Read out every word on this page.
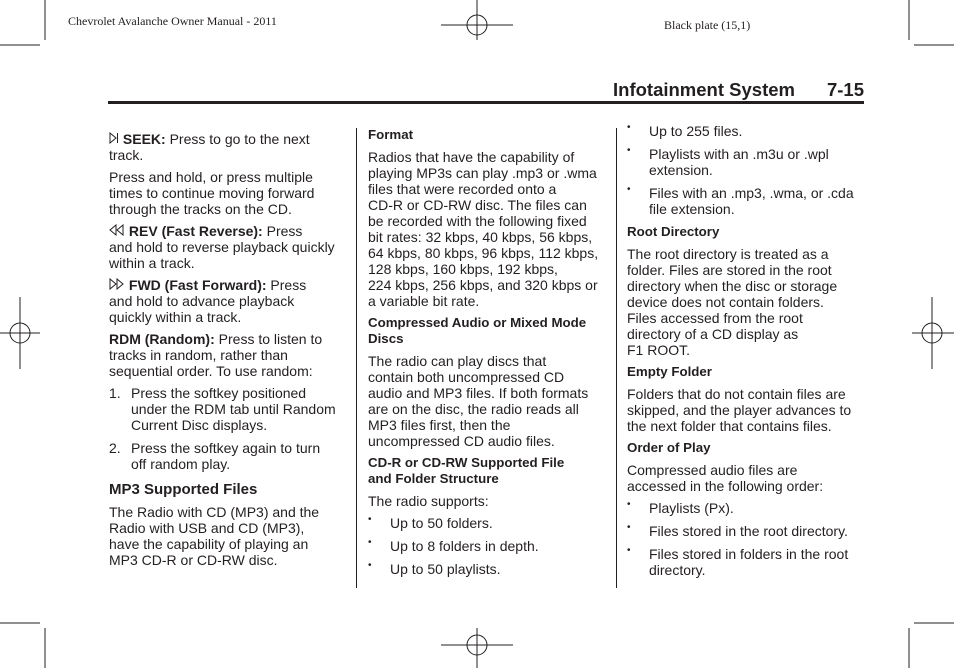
Chevrolet Avalanche Owner Manual - 2011	Black plate (15,1)
Infotainment System 7-15

SEEK: Press to go to the next
track.

Press and hold, or press multiple
times to continue moving forward
through the tracks on the CD.

REV (Fast Reverse): Press
and hold to reverse playback quickly
within a track.

FWD (Fast Forward): Press
and hold to advance playback
quickly within a track.

RDM (Random): Press to listen to
tracks in random, rather than
sequential order. To use random:

1. Press the softkey positioned
under the RDM tab until Random
Current Disc displays.
2. Press the softkey again to turn
off random play.

MP3 Supported Files

The Radio with CD (MP3) and the
Radio with USB and CD (MP3),
have the capability of playing an
MP3 CD-R or CD-RW disc.

Format

Radios that have the capability of
playing MP3s can play .mp3 or .wma
files that were recorded onto a
CD-R or CD-RW disc. The files can
be recorded with the following fixed
bit rates: 32 kbps, 40 kbps, 56 kbps,
64 kbps, 80 kbps, 96 kbps, 112 kbps,
128 kbps, 160 kbps, 192 kbps,
224 kbps, 256 kbps, and 320 kbps or
a variable bit rate.

Compressed Audio or Mixed Mode
Discs

The radio can play discs that
contain both uncompressed CD
audio and MP3 files. If both formats
are on the disc, the radio reads all
MP3 files first, then the
uncompressed CD audio files.

CD-R or CD-RW Supported File
and Folder Structure

The radio supports:

•	Up to 50 folders.
•	Up to 8 folders in depth.
•	Up to 50 playlists.
•	Up to 255 files.
•	Playlists with an .m3u or .wpl
extension.
•	Files with an .mp3, .wma, or .cda
file extension.

Root Directory

The root directory is treated as a
folder. Files are stored in the root
directory when the disc or storage
device does not contain folders.
Files accessed from the root
directory of a CD display as
F1 ROOT.

Empty Folder

Folders that do not contain files are
skipped, and the player advances to
the next folder that contains files.

Order of Play

Compressed audio files are
accessed in the following order:

•	Playlists (Px).
•	Files stored in the root directory.
•	Files stored in folders in the root
directory.
